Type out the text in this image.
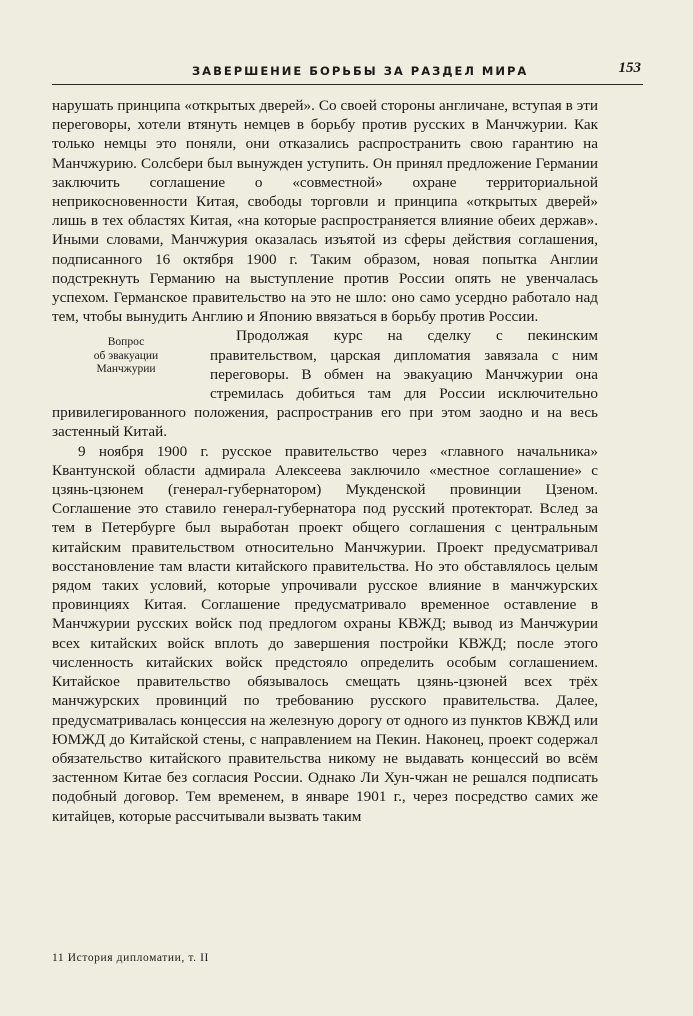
ЗАВЕРШЕНИЕ БОРЬБЫ ЗА РАЗДЕЛ МИРА	153

нарушать принципа «открытых дверей». Со своей стороны англичане, вступая в эти переговоры, хотели втянуть немцев в борьбу против русских в Манчжурии. Как только немцы это поняли, они отказались распространить свою гарантию на Манчжурию. Солсбери был вынужден уступить. Он принял предложение Германии заключить соглашение о «совместной» охране территориальной неприкосновенности Китая, свободы торговли и принципа «открытых дверей» лишь в тех областях Китая, «на которые распространяется влияние обеих держав». Иными словами, Манчжурия оказалась изъятой из сферы действия соглашения, подписанного 16 октября 1900 г. Таким образом, новая попытка Англии подстрекнуть Германию на выступление против России опять не увенчалась успехом. Германское правительство на это не шло: оно само усердно работало над тем, чтобы вынудить Англию и Японию ввязаться в борьбу против России.

Продолжая курс на сделку с пекинским правительством, царская дипломатия завязала с ним переговоры. В обмен на эвакуацию Манчжурии она стремилась добиться там для России исключительно привилегированного положения, распространив его при этом заодно и на весь застенный Китай.

9 ноября 1900 г. русское правительство через «главного начальника» Квантунской области адмирала Алексеева заключило «местное соглашение» с цзянь-цзюнем (генерал-губернатором) Мукденской провинции Цзеном. Соглашение это ставило генерал-губернатора под русский протекторат. Вслед за тем в Петербурге был выработан проект общего соглашения с центральным китайским правительством относительно Манчжурии. Проект предусматривал восстановление там власти китайского правительства. Но это обставлялось целым рядом таких условий, которые упрочивали русское влияние в манчжурских провинциях Китая. Соглашение предусматривало временное оставление в Манчжурии русских войск под предлогом охраны КВЖД; вывод из Манчжурии всех китайских войск вплоть до завершения постройки КВЖД; после этого численность китайских войск предстояло определить особым соглашением. Китайское правительство обязывалось смещать цзянь-цзюней всех трёх манчжурских провинций по требованию русского правительства. Далее, предусматривалась концессия на железную дорогу от одного из пунктов КВЖД или ЮМЖД до Китайской стены, с направлением на Пекин. Наконец, проект содержал обязательство китайского правительства никому не выдавать концессий во всём застенном Китае без согласия России. Однако Ли Хун-чжан не решался подписать подобный договор. Тем временем, в январе 1901 г., через посредство самих же китайцев, которые рассчитывали вызвать таким

Вопрос
об эвакуации
Манчжурии
11 История дипломатии, т. II
